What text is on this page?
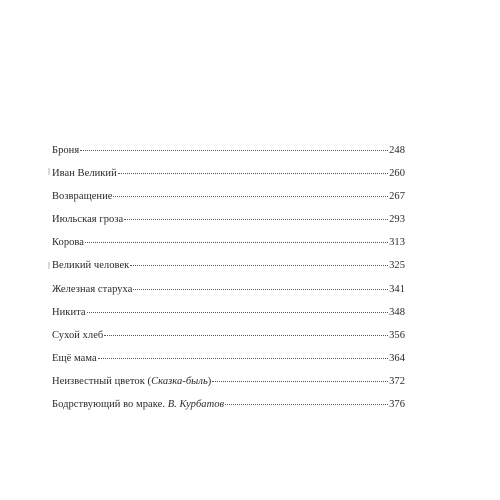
Броня	248
Иван Великий	260
Возвращение	267
Июльская гроза	293
Корова	313
Великий человек	325
Железная старуха	341
Никита	348
Сухой хлеб	356
Ещё мама	364
Неизвестный цветок (Сказка-быль)	372
Бодрствующий во мраке. В. Курбатов	376
